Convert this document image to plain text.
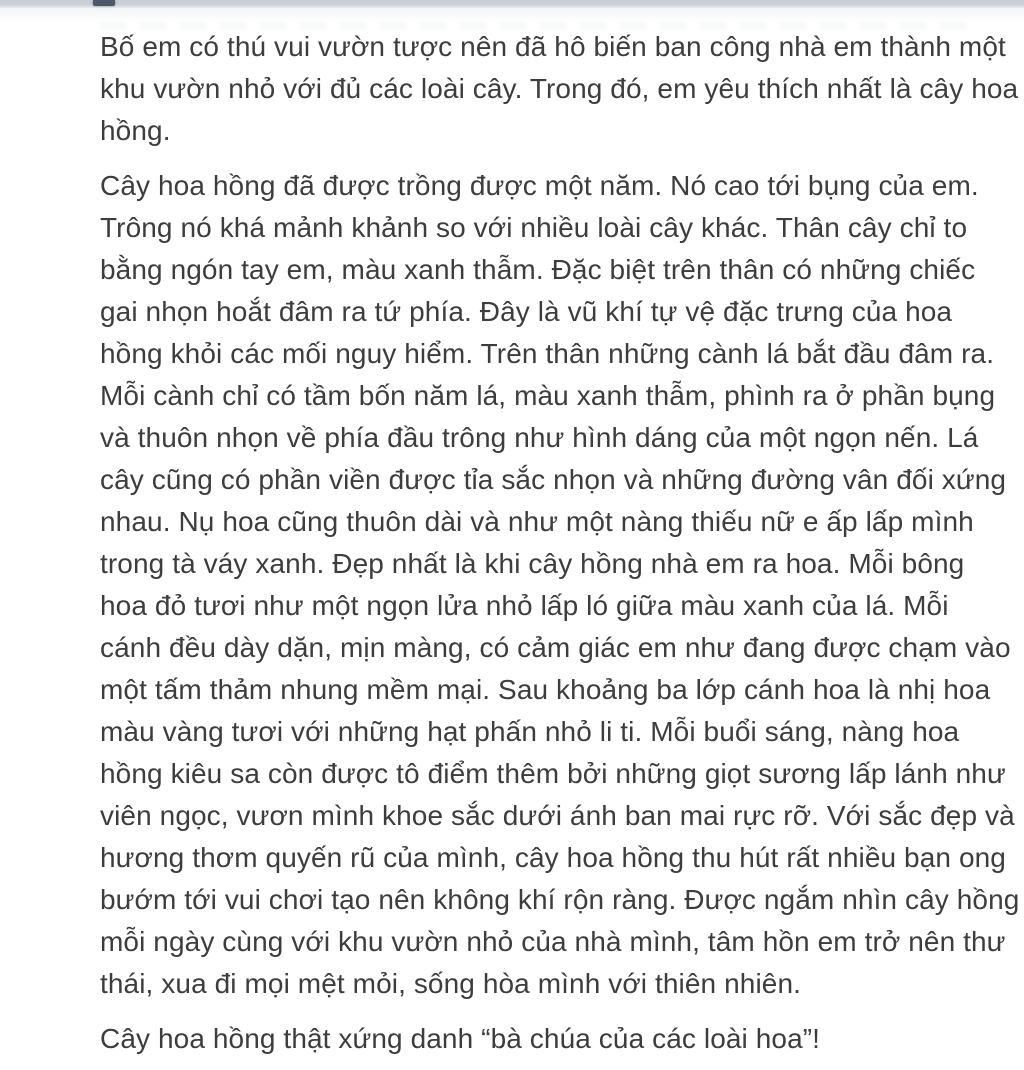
Bố em có thú vui vườn tược nên đã hô biến ban công nhà em thành một
khu vườn nhỏ với đủ các loài cây. Trong đó, em yêu thích nhất là cây hoa
hồng.
Cây hoa hồng đã được trồng được một năm. Nó cao tới bụng của em.
Trông nó khá mảnh khảnh so với nhiều loài cây khác. Thân cây chỉ to
bằng ngón tay em, màu xanh thẫm. Đặc biệt trên thân có những chiếc
gai nhọn hoắt đâm ra tứ phía. Đây là vũ khí tự vệ đặc trưng của hoa
hồng khỏi các mối nguy hiểm. Trên thân những cành lá bắt đầu đâm ra.
Mỗi cành chỉ có tầm bốn năm lá, màu xanh thẫm, phình ra ở phần bụng
và thuôn nhọn về phía đầu trông như hình dáng của một ngọn nến. Lá
cây cũng có phần viền được tỉa sắc nhọn và những đường vân đối xứng
nhau. Nụ hoa cũng thuôn dài và như một nàng thiếu nữ e ấp lấp mình
trong tà váy xanh. Đẹp nhất là khi cây hồng nhà em ra hoa. Mỗi bông
hoa đỏ tươi như một ngọn lửa nhỏ lấp ló giữa màu xanh của lá. Mỗi
cánh đều dày dặn, mịn màng, có cảm giác em như đang được chạm vào
một tấm thảm nhung mềm mại. Sau khoảng ba lớp cánh hoa là nhị hoa
màu vàng tươi với những hạt phấn nhỏ li ti. Mỗi buổi sáng, nàng hoa
hồng kiêu sa còn được tô điểm thêm bởi những giọt sương lấp lánh như
viên ngọc, vươn mình khoe sắc dưới ánh ban mai rực rỡ. Với sắc đẹp và
hương thơm quyến rũ của mình, cây hoa hồng thu hút rất nhiều bạn ong
bướm tới vui chơi tạo nên không khí rộn ràng. Được ngắm nhìn cây hồng
mỗi ngày cùng với khu vườn nhỏ của nhà mình, tâm hồn em trở nên thư
thái, xua đi mọi mệt mỏi, sống hòa mình với thiên nhiên.
Cây hoa hồng thật xứng danh “bà chúa của các loài hoa”!
